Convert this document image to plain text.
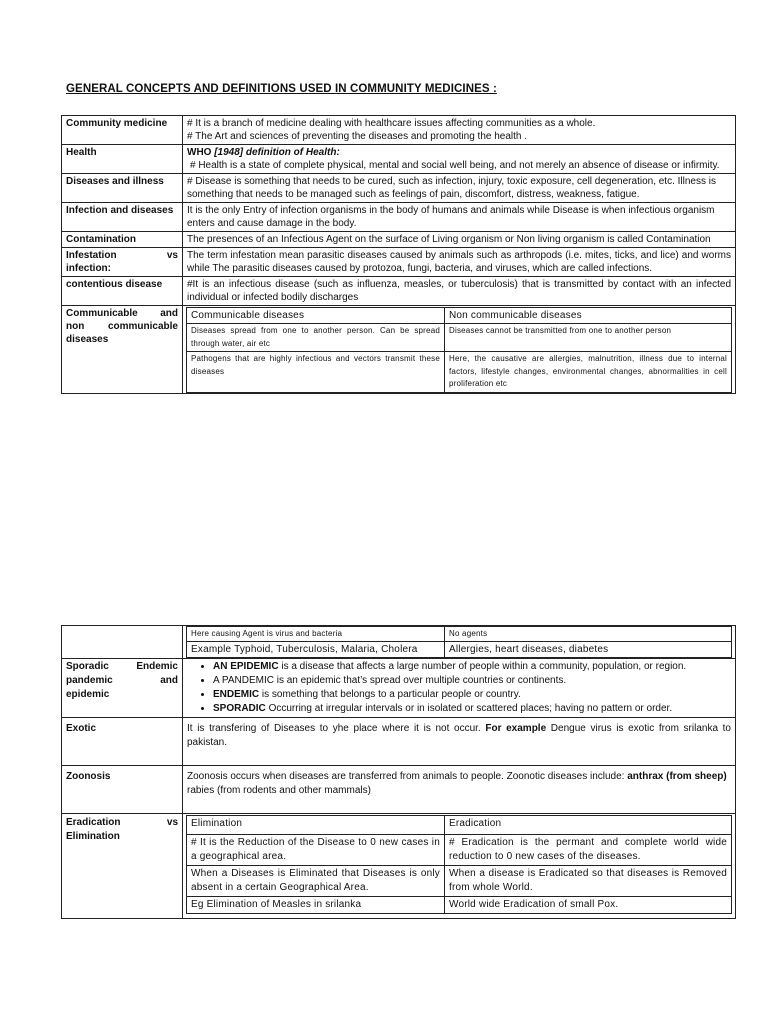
GENERAL CONCEPTS AND DEFINITIONS USED IN COMMUNITY MEDICINES :
Community medicine	# It is a branch of medicine dealing with healthcare issues affecting communities as a whole.
# The Art and sciences of preventing the diseases and promoting the health .

Health	WHO [1948] definition of Health:
# Health is a state of complete physical, mental and social well being, and not merely an absence of disease or infirmity.

Diseases and illness	# Disease is something that needs to be cured, such as infection, injury, toxic exposure, cell degeneration, etc. Illness is something that needs to be managed such as feelings of pain, discomfort, distress, weakness, fatigue.
Infection and diseases	It is the only Entry of infection organisms in the body of humans and animals while Disease is when infectious organism enters and cause damage in the body.
Contamination	The presences of an Infectious Agent on the surface of Living organism or Non living organism is called Contamination
Infestation vs infection:	The term infestation mean parasitic diseases caused by animals such as arthropods (i.e. mites, ticks, and lice) and worms while The parasitic diseases caused by protozoa, fungi, bacteria, and viruses, which are called infections.
contentious disease	#It is an infectious disease (such as influenza, measles, or tuberculosis) that is transmitted by contact with an infected individual or infected bodily discharges
Communicable and non communicable diseases	
Communicable diseases	Non communicable diseases
Diseases spread from one to another person. Can be spread through water, air etc	Diseases cannot be transmitted from one to another person
Pathogens that are highly infectious and vectors transmit these diseases	Here, the causative are allergies, malnutrition, illness due to internal factors, lifestyle changes, environmental changes, abnormalities in cell proliferation etc

Here causing Agent is virus and bacteria	No agents
Example Typhoid, Tuberculosis, Malaria, Cholera	Allergies, heart diseases, diabetes

Sporadic Endemic pandemic and epidemic	
• AN EPIDEMIC is a disease that affects a large number of people within a community, population, or region.
• A PANDEMIC is an epidemic that’s spread over multiple countries or continents.
• ENDEMIC is something that belongs to a particular people or country.
• SPORADIC Occurring at irregular intervals or in isolated or scattered places; having no pattern or order.

Exotic	It is transfering of Diseases to yhe place where it is not occur. For example Dengue virus is exotic from srilanka to pakistan.

Zoonosis	Zoonosis occurs when diseases are transferred from animals to people. Zoonotic diseases include: anthrax (from sheep) rabies (from rodents and other mammals)

Eradication vs Elimination	
Elimination	Eradication
# It is the Reduction of the Disease to 0 new cases in a geographical area.	# Eradication is the permant and complete world wide reduction to 0 new cases of the diseases.
When a Diseases is Eliminated that Diseases is only absent in a certain Geographical Area.	When a disease is Eradicated so that diseases is Removed from whole World.
Eg Elimination of Measles in srilanka	World wide Eradication of small Pox.
